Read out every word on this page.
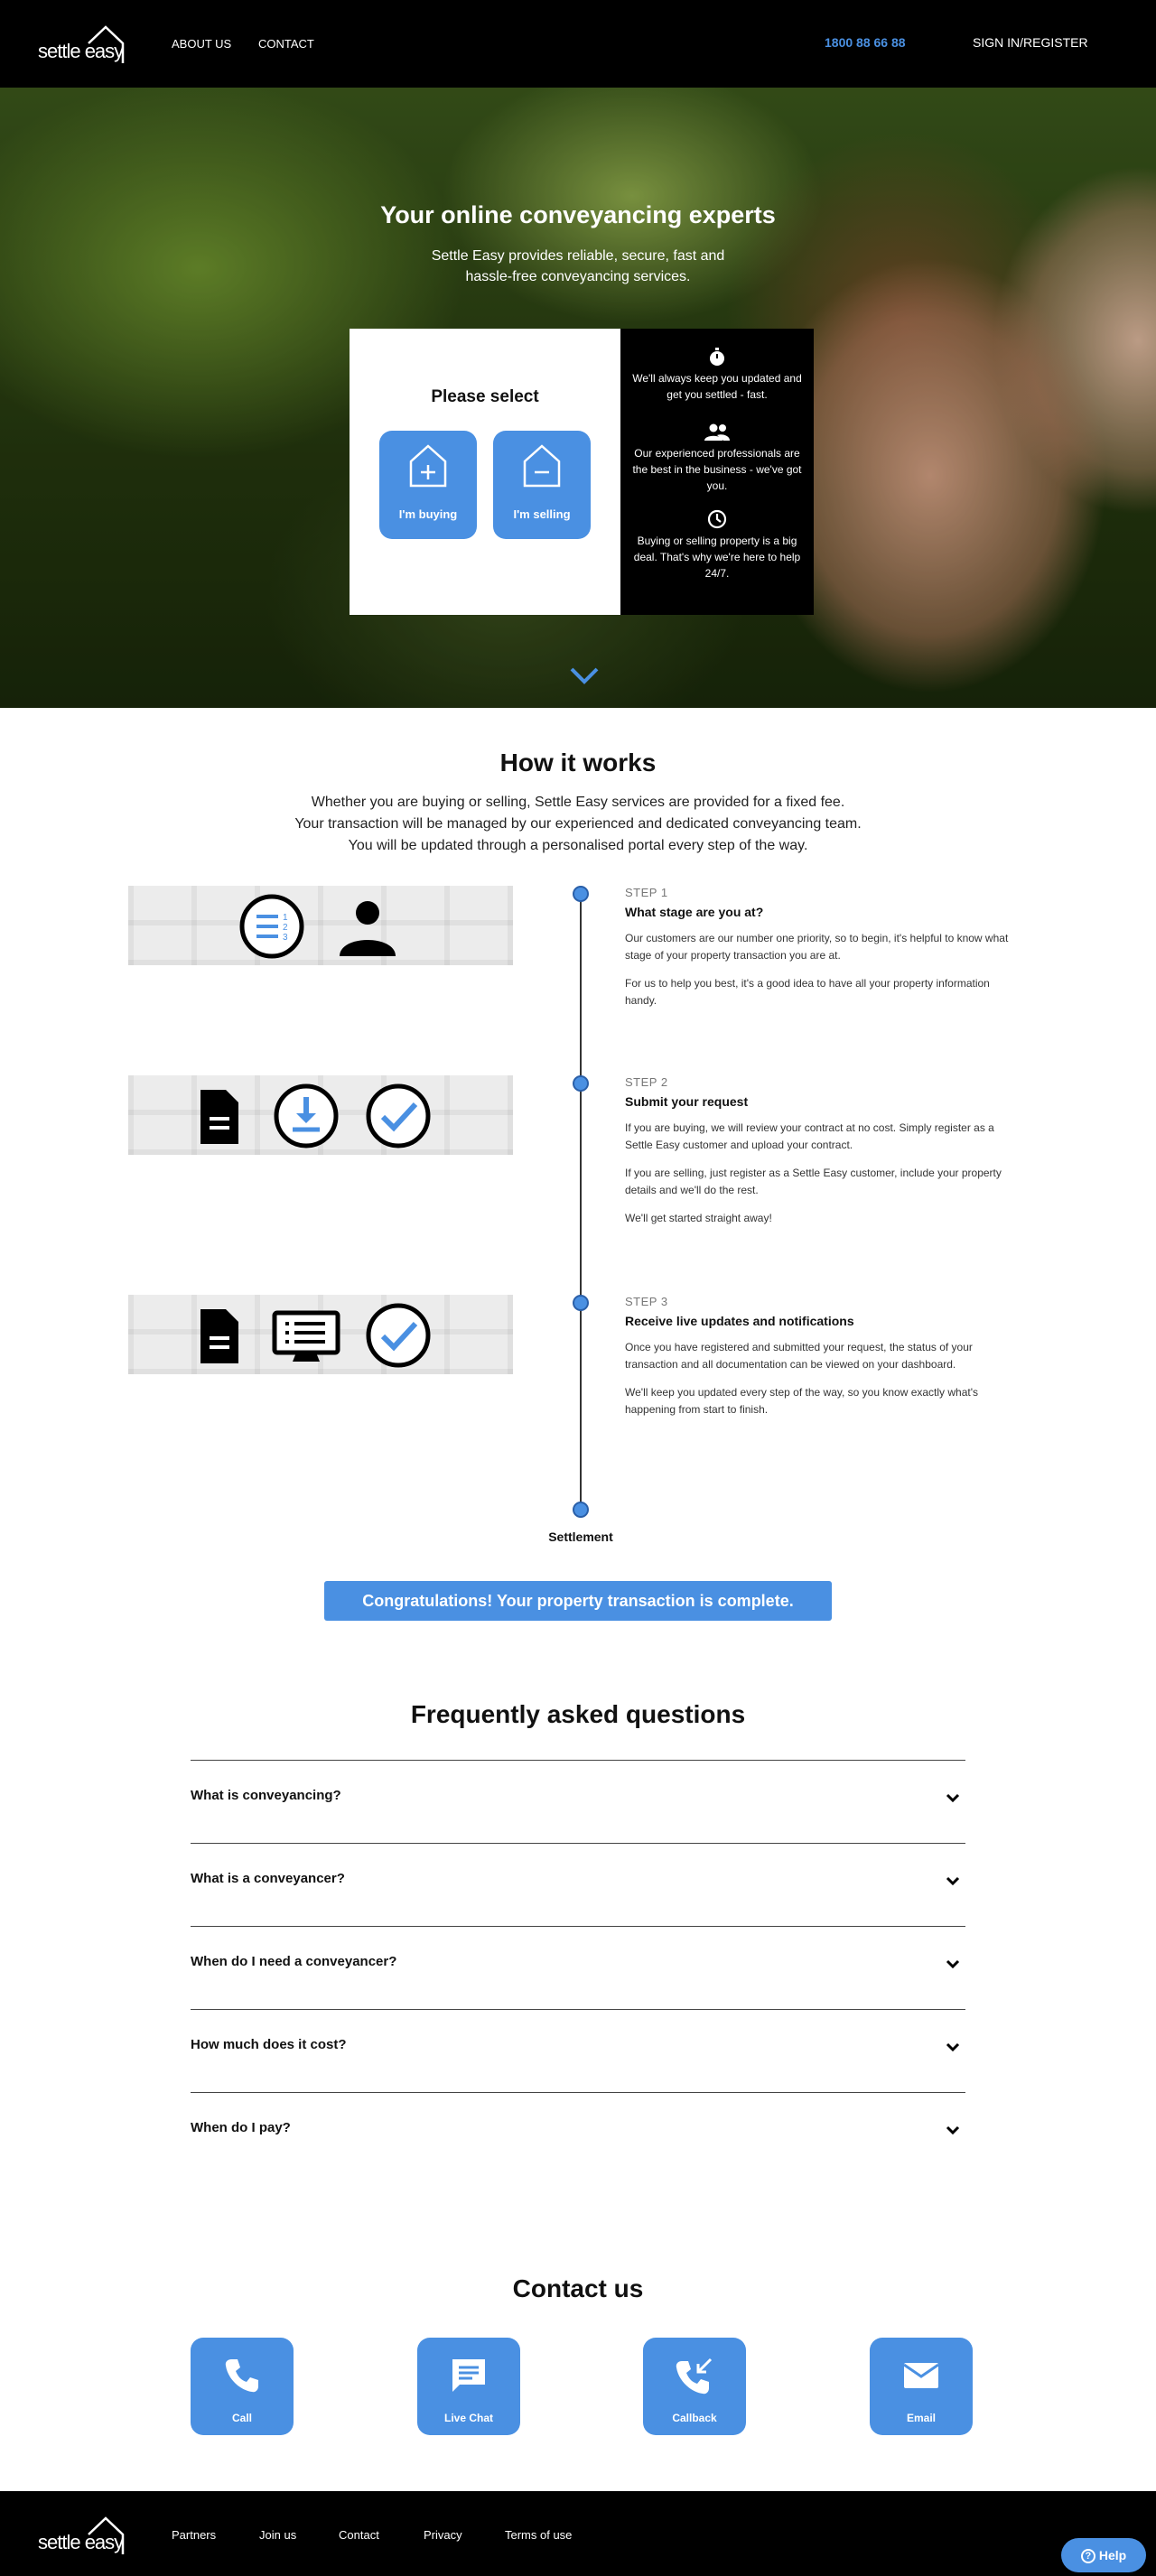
settle easy	ABOUT US CONTACT	1800 88 66 88	SIGN IN/REGISTER
Your online conveyancing experts
Settle Easy provides reliable, secure, fast and hassle-free conveyancing services.
Please select
I'm buying	I'm selling
We'll always keep you updated and get you settled - fast.
Our experienced professionals are the best in the business - we've got you.
Buying or selling property is a big deal. That's why we're here to help 24/7.
How it works
Whether you are buying or selling, Settle Easy services are provided for a fixed fee.
Your transaction will be managed by our experienced and dedicated conveyancing team.
You will be updated through a personalised portal every step of the way.
1
2
3
STEP 1
What stage are you at?
Our customers are our number one priority, so to begin, it's helpful to know what stage of your property transaction you are at.
For us to help you best, it's a good idea to have all your property information handy.
STEP 2
Submit your request
If you are buying, we will review your contract at no cost. Simply register as a Settle Easy customer and upload your contract.
If you are selling, just register as a Settle Easy customer, include your property details and we'll do the rest.
We'll get started straight away!
STEP 3
Receive live updates and notifications
Once you have registered and submitted your request, the status of your transaction and all documentation can be viewed on your dashboard.
We'll keep you updated every step of the way, so you know exactly what's happening from start to finish.
Settlement
Congratulations! Your property transaction is complete.
Frequently asked questions
What is conveyancing?
What is a conveyancer?
When do I need a conveyancer?
How much does it cost?
When do I pay?
Contact us
Call	Live Chat	Callback	Email
settle easy	Partners	Join us	Contact	Privacy	Terms of use
? Help
